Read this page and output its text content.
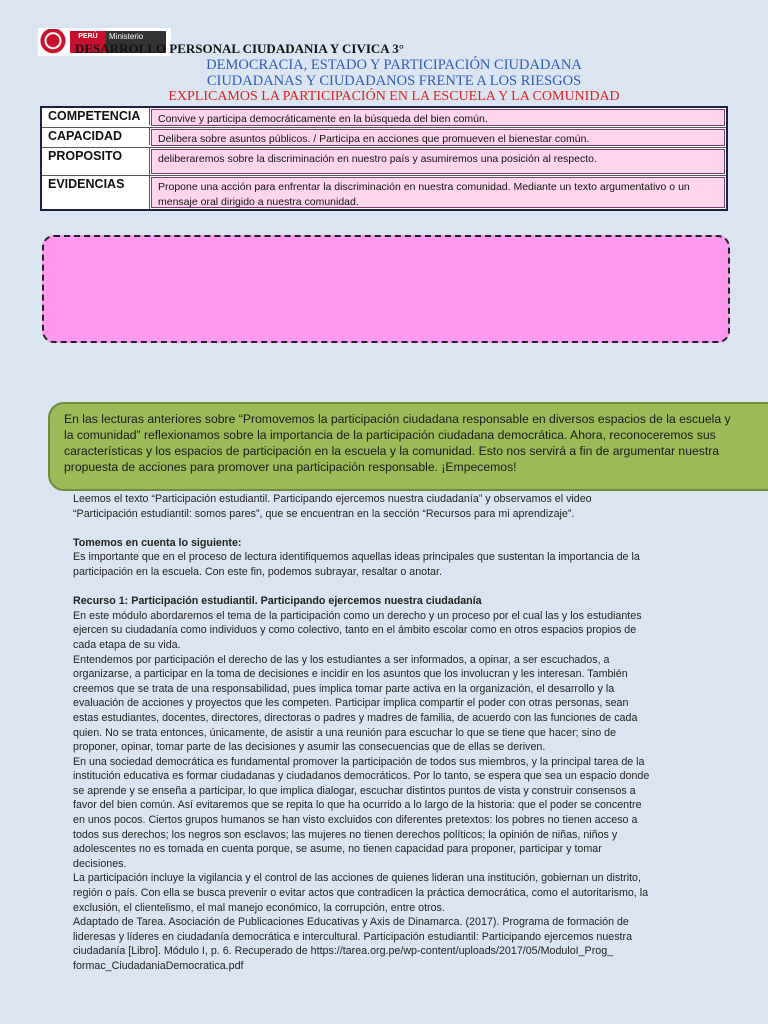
PERÚ	Ministerio
DESARROLLO PERSONAL CIUDADANIA Y CIVICA 3°
DEMOCRACIA, ESTADO Y PARTICIPACIÓN CIUDADANA
CIUDADANAS Y CIUDADANOS FRENTE A LOS RIESGOS
EXPLICAMOS LA PARTICIPACIÓN EN LA ESCUELA Y LA COMUNIDAD
COMPETENCIA	Convive y participa democráticamente en la búsqueda del bien común.
CAPACIDAD	Delibera sobre asuntos públicos. / Participa en acciones que promueven el bienestar común.
PROPOSITO	deliberaremos sobre la discriminación en nuestro país y asumiremos una posición al respecto.
EVIDENCIAS	Propone una acción para enfrentar la discriminación en nuestra comunidad. Mediante un texto argumentativo o un mensaje oral dirigido a nuestra comunidad.
En las lecturas anteriores sobre “Promovemos la participación ciudadana responsable en diversos espacios de la escuela y
la comunidad” reflexionamos sobre la importancia de la participación ciudadana democrática. Ahora, reconoceremos sus
características y los espacios de participación en la escuela y la comunidad. Esto nos servirá a fin de argumentar nuestra
propuesta de acciones para promover una participación responsable. ¡Empecemos!

Leemos el texto “Participación estudiantil. Participando ejercemos nuestra ciudadanía” y observamos el video

“Participación estudiantil: somos pares”, que se encuentran en la sección “Recursos para mi aprendizaje”.

Tomemos en cuenta lo siguiente:

Es importante que en el proceso de lectura identifiquemos aquellas ideas principales que sustentan la importancia de la

participación en la escuela. Con este fin, podemos subrayar, resaltar o anotar.

Recurso 1: Participación estudiantil. Participando ejercemos nuestra ciudadanía

En este módulo abordaremos el tema de la participación como un derecho y un proceso por el cual las y los estudiantes

ejercen su ciudadanía como individuos y como colectivo, tanto en el ámbito escolar como en otros espacios propios de

cada etapa de su vida.

Entendemos por participación el derecho de las y los estudiantes a ser informados, a opinar, a ser escuchados, a

organizarse, a participar en la toma de decisiones e incidir en los asuntos que los involucran y les interesan. También

creemos que se trata de una responsabilidad, pues implica tomar parte activa en la organización, el desarrollo y la

evaluación de acciones y proyectos que les competen. Participar implica compartir el poder con otras personas, sean

estas estudiantes, docentes, directores, directoras o padres y madres de familia, de acuerdo con las funciones de cada

quien. No se trata entonces, únicamente, de asistir a una reunión para escuchar lo que se tiene que hacer; sino de

proponer, opinar, tomar parte de las decisiones y asumir las consecuencias que de ellas se deriven.

En una sociedad democrática es fundamental promover la participación de todos sus miembros, y la principal tarea de la

institución educativa es formar ciudadanas y ciudadanos democráticos. Por lo tanto, se espera que sea un espacio donde

se aprende y se enseña a participar, lo que implica dialogar, escuchar distintos puntos de vista y construir consensos a

favor del bien común. Así evitaremos que se repita lo que ha ocurrido a lo largo de la historia: que el poder se concentre

en unos pocos. Ciertos grupos humanos se han visto excluidos con diferentes pretextos: los pobres no tienen acceso a

todos sus derechos; los negros son esclavos; las mujeres no tienen derechos políticos; la opinión de niñas, niños y

adolescentes no es tomada en cuenta porque, se asume, no tienen capacidad para proponer, participar y tomar

decisiones.

La participación incluye la vigilancia y el control de las acciones de quienes lideran una institución, gobiernan un distrito,

región o país. Con ella se busca prevenir o evitar actos que contradicen la práctica democrática, como el autoritarismo, la

exclusión, el clientelismo, el mal manejo económico, la corrupción, entre otros.

Adaptado de Tarea. Asociación de Publicaciones Educativas y Axis de Dinamarca. (2017). Programa de formación de

lideresas y líderes en ciudadanía democrática e intercultural. Participación estudiantil: Participando ejercemos nuestra

ciudadanía [Libro]. Módulo I, p. 6. Recuperado de https://tarea.org.pe/wp-content/uploads/2017/05/ModuloI_Prog_

formac_CiudadaniaDemocratica.pdf
